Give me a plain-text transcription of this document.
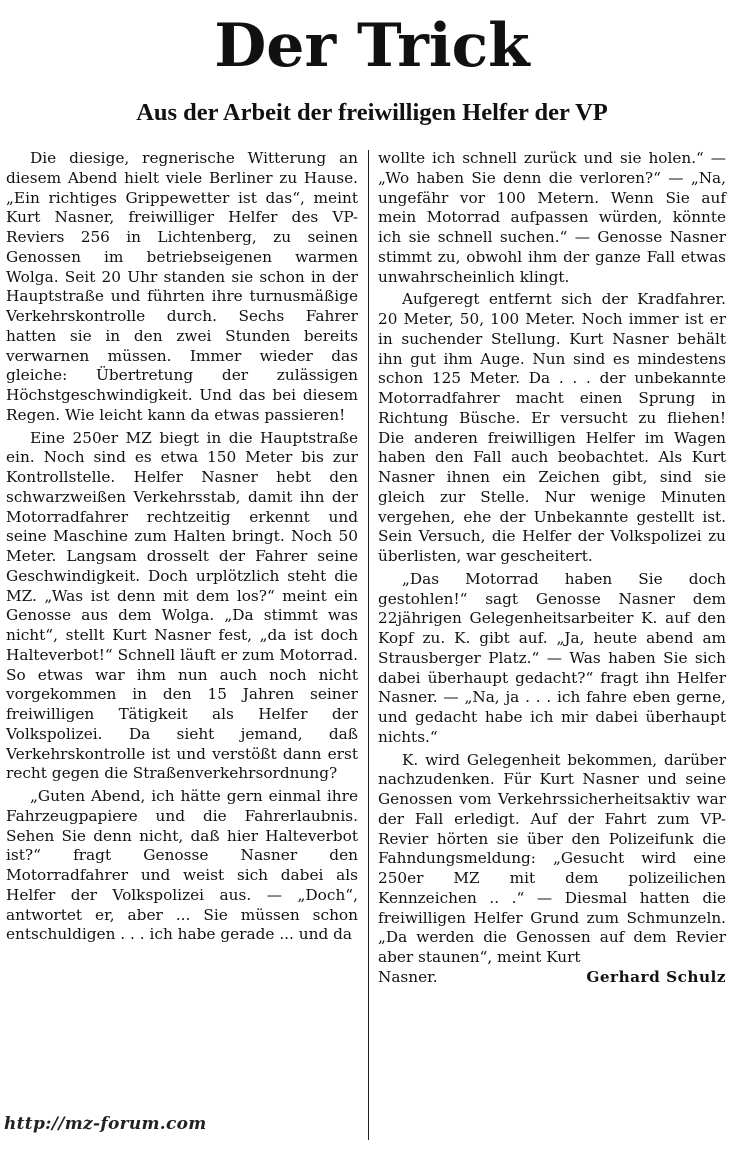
Der Trick
Aus der Arbeit der freiwilligen Helfer der VP

Die diesige, regnerische Witterung an diesem Abend hielt viele Berliner zu Hause. „Ein richtiges Grippewetter ist das“, meint Kurt Nasner, freiwilliger Helfer des VP-Reviers 256 in Lichtenberg, zu seinen Genossen im betriebseigenen warmen Wolga. Seit 20 Uhr standen sie schon in der Hauptstraße und führten ihre turnusmäßige Verkehrskontrolle durch. Sechs Fahrer hatten sie in den zwei Stunden bereits verwarnen müssen. Immer wieder das gleiche: Übertretung der zulässigen Höchstgeschwindigkeit. Und das bei diesem Regen. Wie leicht kann da etwas passieren!

Eine 250er MZ biegt in die Hauptstraße ein. Noch sind es etwa 150 Meter bis zur Kontrollstelle. Helfer Nasner hebt den schwarzweißen Verkehrsstab, damit ihn der Motorradfahrer rechtzeitig erkennt und seine Maschine zum Halten bringt. Noch 50 Meter. Langsam drosselt der Fahrer seine Geschwindigkeit. Doch urplötzlich steht die MZ. „Was ist denn mit dem los?“ meint ein Genosse aus dem Wolga. „Da stimmt was nicht“, stellt Kurt Nasner fest, „da ist doch Halteverbot!“ Schnell läuft er zum Motorrad. So etwas war ihm nun auch noch nicht vorgekommen in den 15 Jahren seiner freiwilligen Tätigkeit als Helfer der Volkspolizei. Da sieht jemand, daß Verkehrskontrolle ist und verstößt dann erst recht gegen die Straßenverkehrsordnung?

„Guten Abend, ich hätte gern einmal ihre Fahrzeugpapiere und die Fahrerlaubnis. Sehen Sie denn nicht, daß hier Halteverbot ist?“ fragt Genosse Nasner den Motorradfahrer und weist sich dabei als Helfer der Volkspolizei aus. — „Doch“, antwortet er, aber ... Sie müssen schon entschuldigen . . . ich habe gerade ... und da

wollte ich schnell zurück und sie holen.“ — „Wo haben Sie denn die verloren?“ — „Na, ungefähr vor 100 Metern. Wenn Sie auf mein Motorrad aufpassen würden, könnte ich sie schnell suchen.“ — Genosse Nasner stimmt zu, obwohl ihm der ganze Fall etwas unwahrscheinlich klingt.

Aufgeregt entfernt sich der Kradfahrer. 20 Meter, 50, 100 Meter. Noch immer ist er in suchender Stellung. Kurt Nasner behält ihn gut ihm Auge. Nun sind es mindestens schon 125 Meter. Da . . . der unbekannte Motorradfahrer macht einen Sprung in Richtung Büsche. Er versucht zu fliehen! Die anderen freiwilligen Helfer im Wagen haben den Fall auch beobachtet. Als Kurt Nasner ihnen ein Zeichen gibt, sind sie gleich zur Stelle. Nur wenige Minuten vergehen, ehe der Unbekannte gestellt ist. Sein Versuch, die Helfer der Volkspolizei zu überlisten, war gescheitert.

„Das Motorrad haben Sie doch gestohlen!“ sagt Genosse Nasner dem 22jährigen Gelegenheitsarbeiter K. auf den Kopf zu. K. gibt auf. „Ja, heute abend am Strausberger Platz.“ — Was haben Sie sich dabei überhaupt gedacht?“ fragt ihn Helfer Nasner. — „Na, ja . . . ich fahre eben gerne, und gedacht habe ich mir dabei überhaupt nichts.“

K. wird Gelegenheit bekommen, darüber nachzudenken. Für Kurt Nasner und seine Genossen vom Verkehrssicherheitsaktiv war der Fall erledigt. Auf der Fahrt zum VP-Revier hörten sie über den Polizeifunk die Fahndungsmeldung: „Gesucht wird eine 250er MZ mit dem polizeilichen Kennzeichen .. .“ — Diesmal hatten die freiwilligen Helfer Grund zum Schmunzeln. „Da werden die Genossen auf dem Revier aber staunen“, meint Kurt

Nasner.	Gerhard Schulz
http://mz-forum.com
